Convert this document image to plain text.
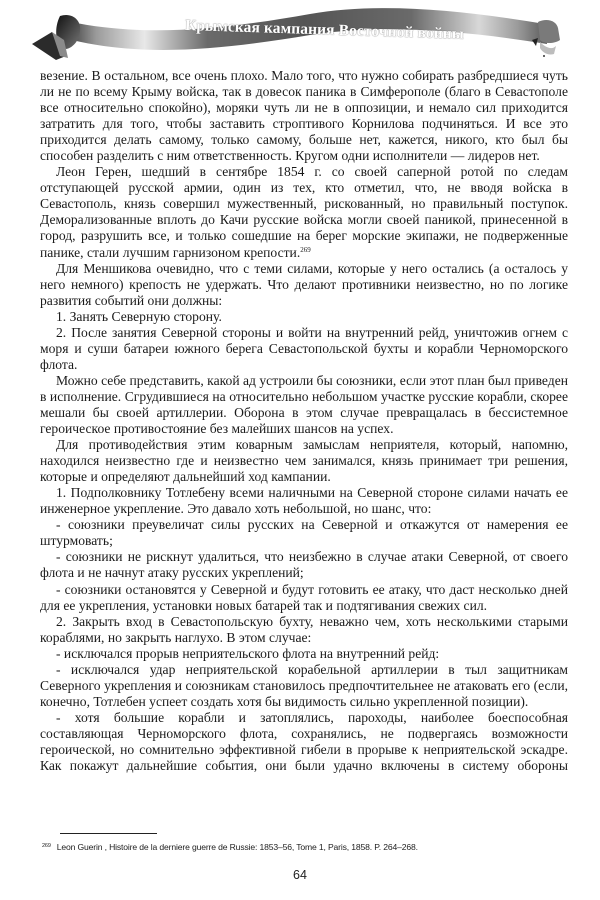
Крымская кампания Восточной войны

везение. В остальном, все очень плохо. Мало того, что нужно собирать разбредшиеся чуть ли не по всему Крыму войска, так в довесок паника в Симферополе (благо в Севастополе все относительно спокойно), моряки чуть ли не в оппозиции, и немало сил приходится затратить для того, чтобы заставить строптивого Корнилова подчиняться. И все это приходится делать самому, только самому, больше нет, кажется, никого, кто был бы способен разделить с ним ответственность. Кругом одни исполнители — лидеров нет.

Леон Герен, шедший в сентябре 1854 г. со своей саперной ротой по следам отступающей русской армии, один из тех, кто отметил, что, не вводя войска в Севастополь, князь совершил мужественный, рискованный, но правильный поступок. Деморализованные вплоть до Качи русские войска могли своей паникой, принесенной в город, разрушить все, и только сошедшие на берег морские экипажи, не подверженные панике, стали лучшим гарнизоном крепости.$^{269}$

Для Меншикова очевидно, что с теми силами, которые у него остались (а осталось у него немного) крепость не удержать. Что делают противники неизвестно, но по логике развития событий они должны:

1. Занять Северную сторону.

2. После занятия Северной стороны и войти на внутренний рейд, уничтожив огнем с моря и суши батареи южного берега Севастопольской бухты и корабли Черноморского флота.

Можно себе представить, какой ад устроили бы союзники, если этот план был приведен в исполнение. Сгрудившиеся на относительно небольшом участке русские корабли, скорее мешали бы своей артиллерии. Оборона в этом случае превращалась в бессистемное героическое противостояние без малейших шансов на успех.

Для противодействия этим коварным замыслам неприятеля, который, напомню, находился неизвестно где и неизвестно чем занимался, князь принимает три решения, которые и определяют дальнейший ход кампании.

1. Подполковнику Тотлебену всеми наличными на Северной стороне силами начать ее инженерное укрепление. Это давало хоть небольшой, но шанс, что:

- союзники преувеличат силы русских на Северной и откажутся от намерения ее штурмовать;

- союзники не рискнут удалиться, что неизбежно в случае атаки Северной, от своего флота и не начнут атаку русских укреплений;

- союзники остановятся у Северной и будут готовить ее атаку, что даст несколько дней для ее укрепления, установки новых батарей так и подтягивания свежих сил.

2. Закрыть вход в Севастопольскую бухту, неважно чем, хоть несколькими старыми кораблями, но закрыть наглухо. В этом случае:

- исключался прорыв неприятельского флота на внутренний рейд:

- исключался удар неприятельской корабельной артиллерии в тыл защитникам Северного укрепления и союзникам становилось предпочтительнее не атаковать его (если, конечно, Тотлебен успеет создать хотя бы видимость сильно укрепленной позиции).

- хотя большие корабли и затоплялись, пароходы, наиболее боеспособная составляющая Черноморского флота, сохранялись, не подвергаясь возможности героической, но сомнительно эффективной гибели в прорыве к неприятельской эскадре. Как покажут дальнейшие события, они были удачно включены в систему обороны

$^{269}$ Leon Guerin , Histoire de la derniere guerre de Russie: 1853–56, Tome 1, Paris, 1858. P. 264–268.
64
